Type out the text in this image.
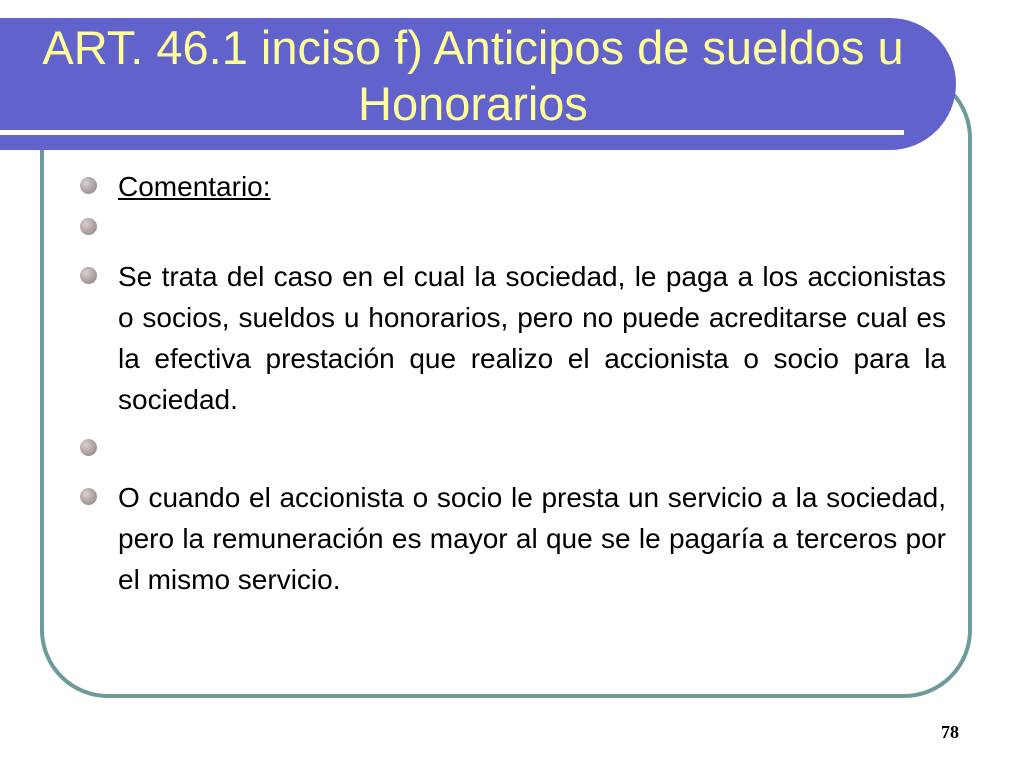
ART. 46.1 inciso f) Anticipos de sueldos u Honorarios
Comentario:
Se trata del caso en el cual la sociedad, le paga a los accionistas o socios, sueldos u honorarios, pero no puede acreditarse cual es la efectiva prestación que realizo el accionista o socio para la sociedad.
O cuando el accionista o socio le presta un servicio a la sociedad, pero la remuneración es mayor al que se le pagaría a terceros por el mismo servicio.
78
